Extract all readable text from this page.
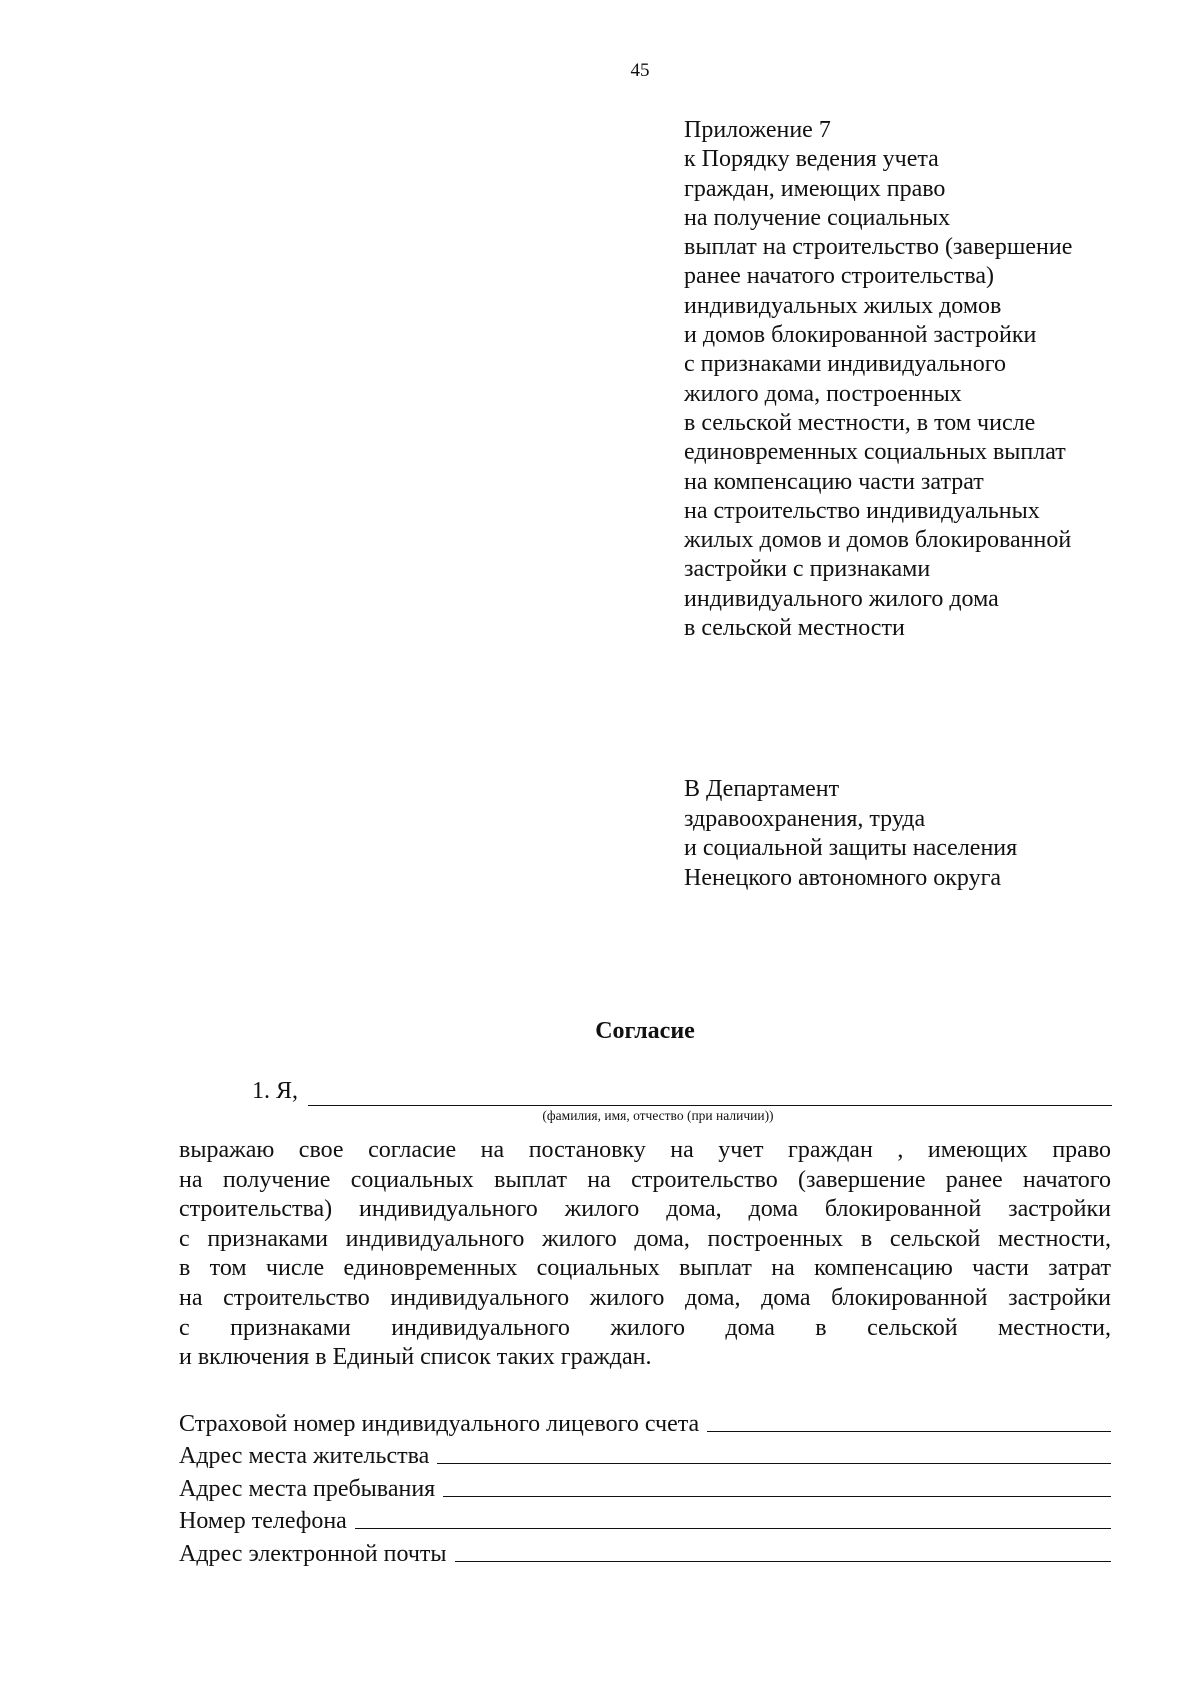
45
Приложение 7
к Порядку ведения учета
граждан, имеющих право
на получение социальных
выплат на строительство (завершение
ранее начатого строительства)
индивидуальных жилых домов
и домов блокированной застройки
с признаками индивидуального
жилого дома, построенных
в сельской местности, в том числе
единовременных социальных выплат
на компенсацию части затрат
на строительство индивидуальных
жилых домов и домов блокированной
застройки с признаками
индивидуального жилого дома
в сельской местности
В Департамент
здравоохранения, труда
и социальной защиты населения
Ненецкого автономного округа
Согласие
1. Я,
(фамилия, имя, отчество (при наличии))
выражаю свое согласие на постановку на учет граждан , имеющих право
на получение социальных выплат на строительство (завершение ранее начатого
строительства) индивидуального жилого дома, дома блокированной застройки
с признаками индивидуального жилого дома, построенных в сельской местности,
в том числе единовременных социальных выплат на компенсацию части затрат
на строительство индивидуального жилого дома, дома блокированной застройки
с признаками индивидуального жилого дома в сельской местности,
и включения в Единый список таких граждан.
Страховой номер индивидуального лицевого счета
Адрес места жительства
Адрес места пребывания
Номер телефона
Адрес электронной почты
